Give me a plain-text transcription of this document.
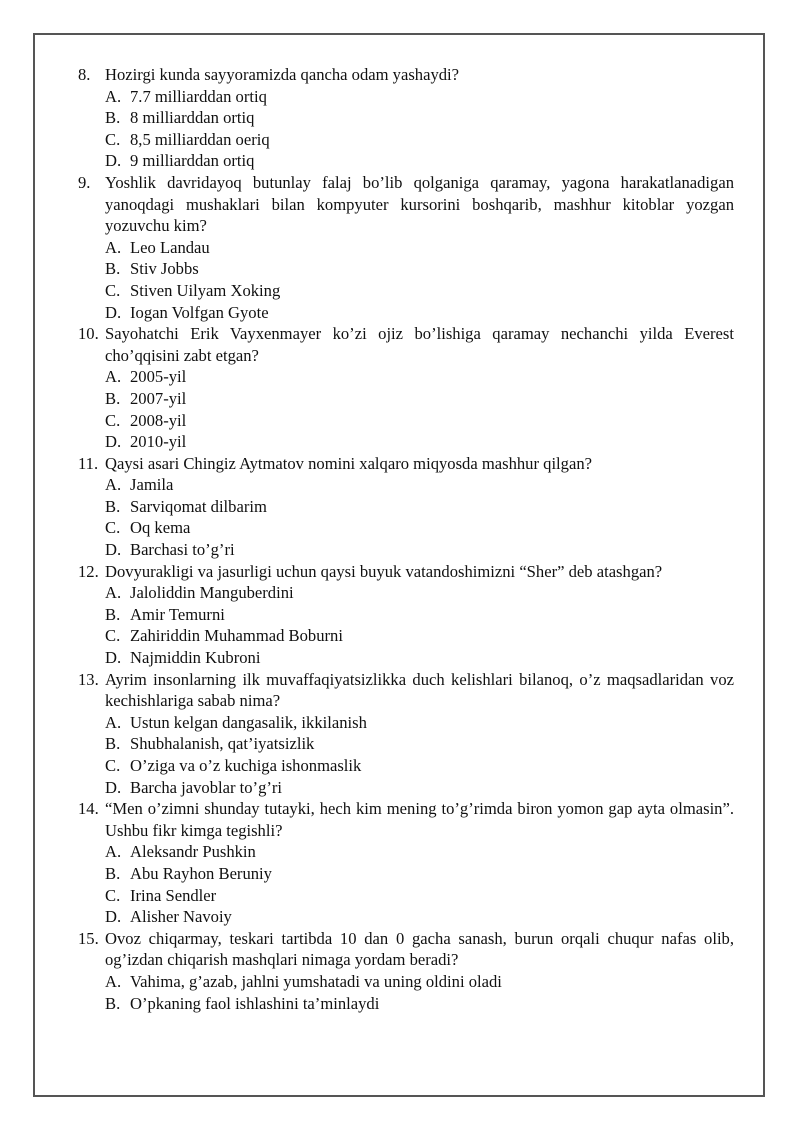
8. Hozirgi kunda sayyoramizda qancha odam yashaydi?
A. 7.7 milliarddan ortiq
B. 8 milliarddan ortiq
C. 8,5 milliarddan oeriq
D. 9 milliarddan ortiq
9. Yoshlik davridayoq butunlay falaj bo’lib qolganiga qaramay, yagona harakatlanadigan yanoqdagi mushaklari bilan kompyuter kursorini boshqarib, mashhur kitoblar yozgan yozuvchu kim?
A. Leo Landau
B. Stiv Jobbs
C. Stiven Uilyam Xoking
D. Iogan Volfgan Gyote
10. Sayohatchi Erik Vayxenmayer ko’zi ojiz bo’lishiga qaramay nechanchi yilda Everest cho’qqisini zabt etgan?
A. 2005-yil
B. 2007-yil
C. 2008-yil
D. 2010-yil
11. Qaysi asari Chingiz Aytmatov nomini xalqaro miqyosda mashhur qilgan?
A. Jamila
B. Sarviqomat dilbarim
C. Oq kema
D. Barchasi to’g’ri
12. Dovyurakligi va jasurligi uchun qaysi buyuk vatandoshimizni “Sher” deb atashgan?
A. Jaloliddin Manguberdini
B. Amir Temurni
C. Zahiriddin Muhammad Boburni
D. Najmiddin Kubroni
13. Ayrim insonlarning ilk muvaffaqiyatsizlikka duch kelishlari bilanoq, o’z maqsadlaridan voz kechishlariga sabab nima?
A. Ustun kelgan dangasalik, ikkilanish
B. Shubhalanish, qat’iyatsizlik
C. O’ziga va o’z kuchiga ishonmaslik
D. Barcha javoblar to’g’ri
14. “Men o’zimni shunday tutayki, hech kim mening to’g’rimda biron yomon gap ayta olmasin”. Ushbu fikr kimga tegishli?
A. Aleksandr Pushkin
B. Abu Rayhon Beruniy
C. Irina Sendler
D. Alisher Navoiy
15. Ovoz chiqarmay, teskari tartibda 10 dan 0 gacha sanash, burun orqali chuqur nafas olib, og’izdan chiqarish mashqlari nimaga yordam beradi?
A. Vahima, g’azab, jahlni yumshatadi va uning oldini oladi
B. O’pkaning faol ishlashini ta’minlaydi
